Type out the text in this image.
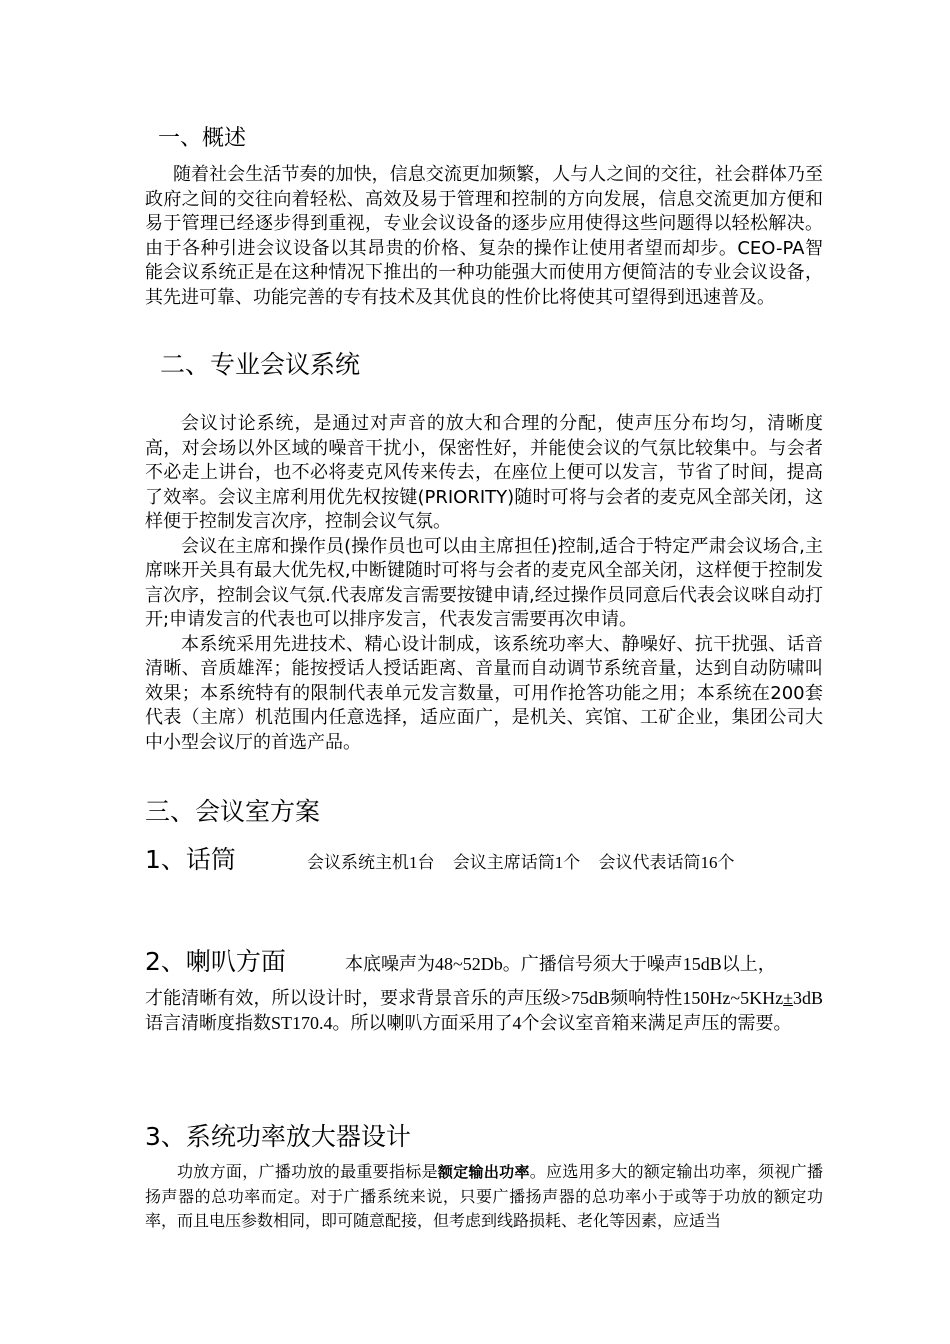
一、概述

随着社会生活节奏的加快，信息交流更加频繁，人与人之间的交往，社会群体乃至政府之间的交往向着轻松、高效及易于管理和控制的方向发展，信息交流更加方便和易于管理已经逐步得到重视，专业会议设备的逐步应用使得这些问题得以轻松解决。由于各种引进会议设备以其昂贵的价格、复杂的操作让使用者望而却步。CEO-PA智能会议系统正是在这种情况下推出的一种功能强大而使用方便简洁的专业会议设备，其先进可靠、功能完善的专有技术及其优良的性价比将使其可望得到迅速普及。

二、专业会议系统

会议讨论系统，是通过对声音的放大和合理的分配，使声压分布均匀，清晰度高，对会场以外区域的噪音干扰小，保密性好，并能使会议的气氛比较集中。与会者不必走上讲台，也不必将麦克风传来传去，在座位上便可以发言，节省了时间，提高了效率。会议主席利用优先权按键(PRIORITY)随时可将与会者的麦克风全部关闭，这样便于控制发言次序，控制会议气氛。

会议在主席和操作员(操作员也可以由主席担任)控制,适合于特定严肃会议场合,主席咪开关具有最大优先权,中断键随时可将与会者的麦克风全部关闭，这样便于控制发言次序，控制会议气氛.代表席发言需要按键申请,经过操作员同意后代表会议咪自动打开;申请发言的代表也可以排序发言，代表发言需要再次申请。

本系统采用先进技术、精心设计制成，该系统功率大、静噪好、抗干扰强、话音清晰、音质雄浑；能按授话人授话距离、音量而自动调节系统音量，达到自动防啸叫效果；本系统特有的限制代表单元发言数量，可用作抢答功能之用；本系统在200套代表（主席）机范围内任意选择，适应面广，是机关、宾馆、工矿企业，集团公司大中小型会议厅的首选产品。

三、会议室方案
1、话筒	会议系统主机1台 会议主席话筒1个 会议代表话筒16个
2、喇叭方面	本底噪声为48~52Db。广播信号须大于噪声15dB以上，

才能清晰有效，所以设计时，要求背景音乐的声压级>75dB频响特性150Hz~5KHz±3dB语言清晰度指数ST170.4。所以喇叭方面采用了4个会议室音箱来满足声压的需要。

3、系统功率放大器设计

功放方面，广播功放的最重要指标是额定输出功率。应选用多大的额定输出功率，须视广播扬声器的总功率而定。对于广播系统来说，只要广播扬声器的总功率小于或等于功放的额定功率，而且电压参数相同，即可随意配接，但考虑到线路损耗、老化等因素，应适当
